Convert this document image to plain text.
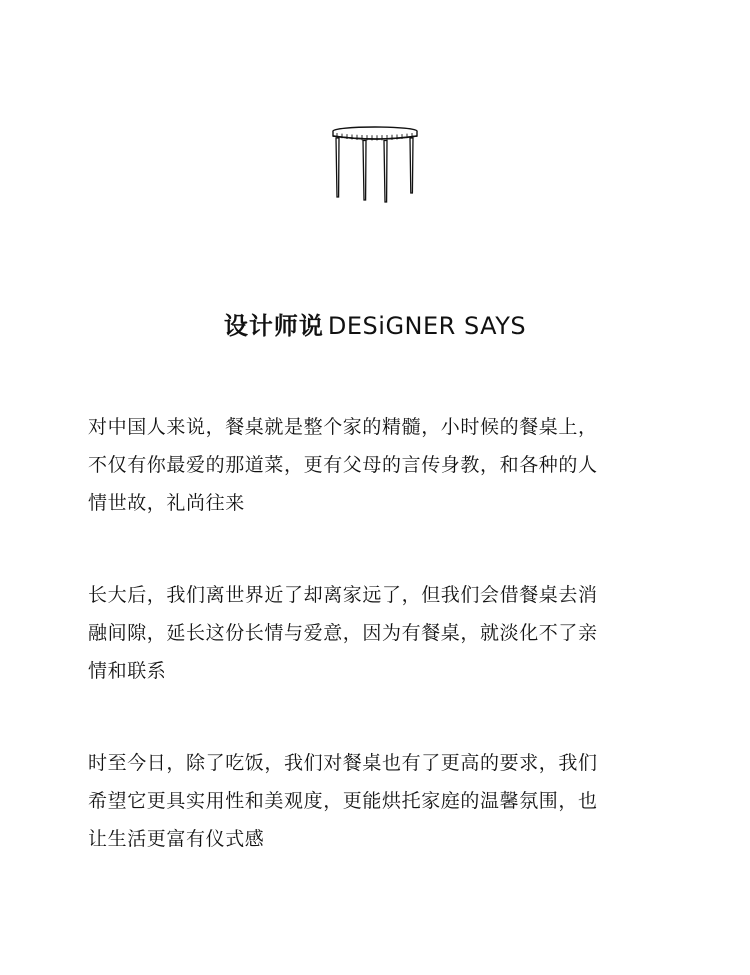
设计师说 DESiGNER SAYS

对中国人来说，餐桌就是整个家的精髓，小时候的餐桌上，
不仅有你最爱的那道菜，更有父母的言传身教，和各种的人
情世故，礼尚往来

长大后，我们离世界近了却离家远了，但我们会借餐桌去消
融间隙，延长这份长情与爱意，因为有餐桌，就淡化不了亲
情和联系

时至今日，除了吃饭，我们对餐桌也有了更高的要求，我们
希望它更具实用性和美观度，更能烘托家庭的温馨氛围，也
让生活更富有仪式感
